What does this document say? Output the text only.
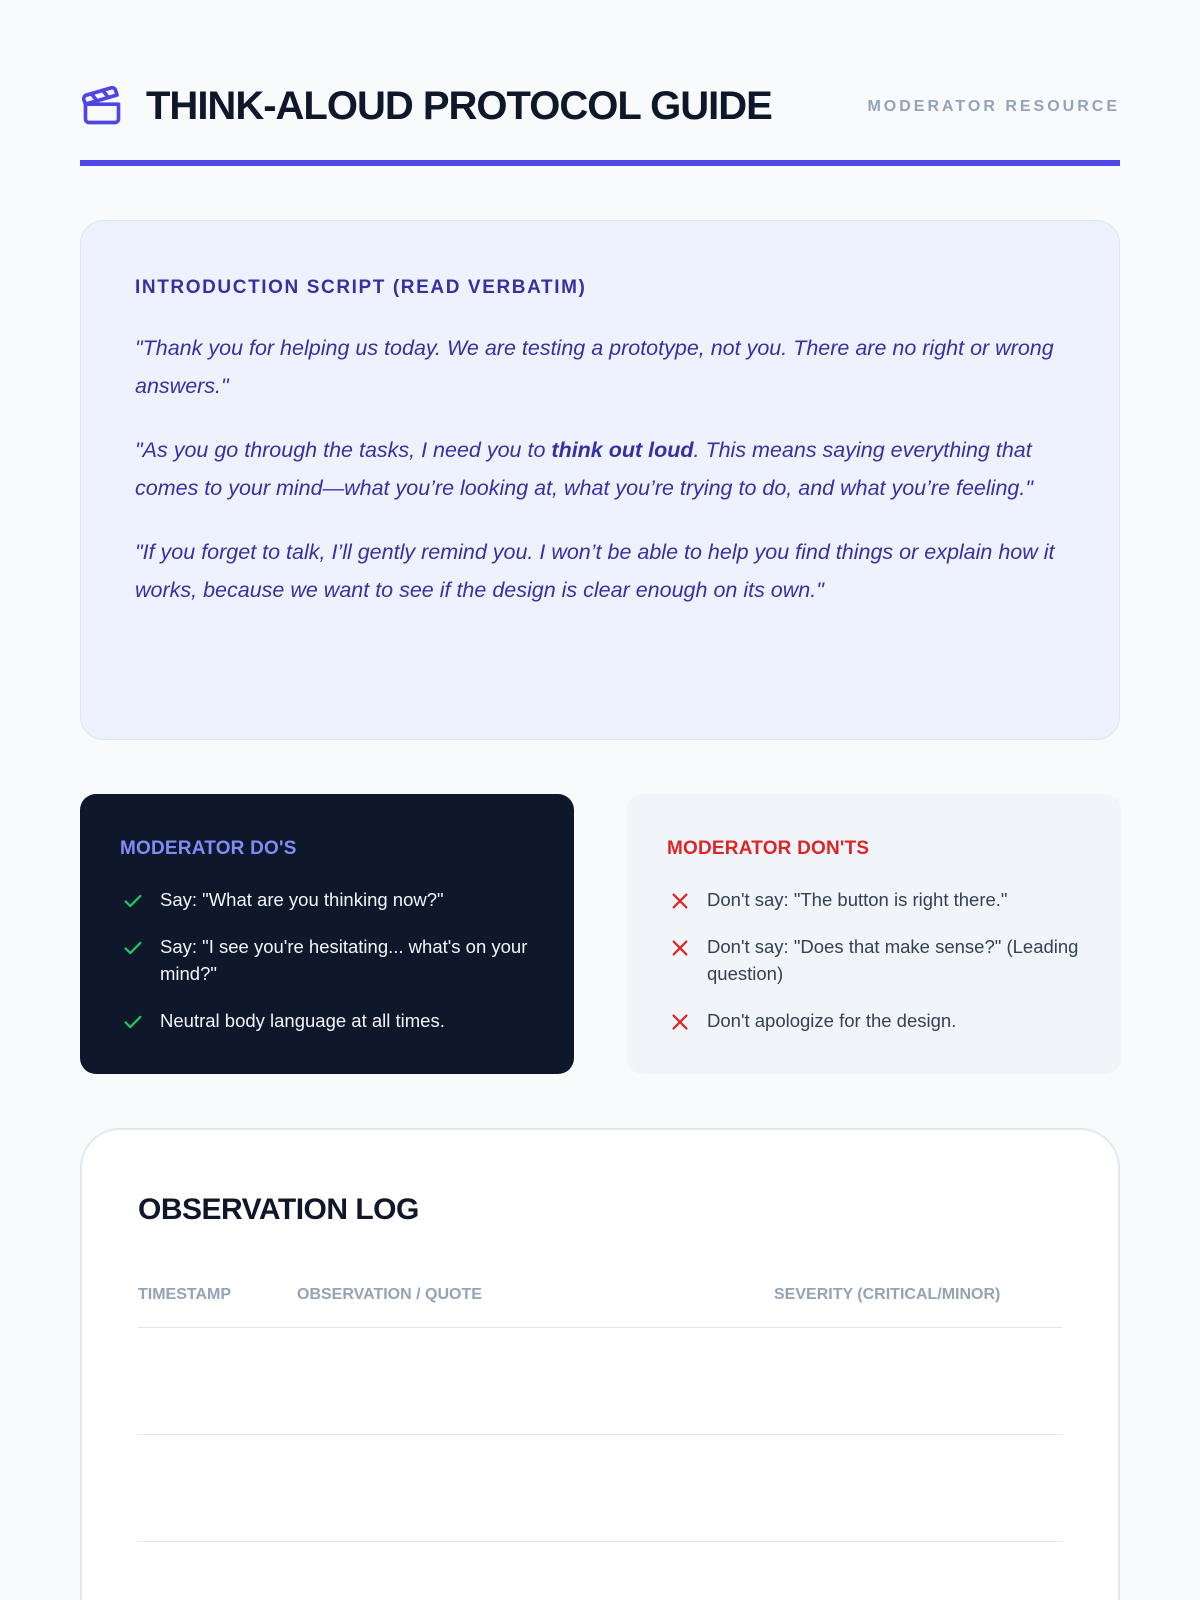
THINK-ALOUD PROTOCOL GUIDE	MODERATOR RESOURCE
INTRODUCTION SCRIPT (READ VERBATIM)

"Thank you for helping us today. We are testing a prototype, not you. There are no right or wrong answers."

"As you go through the tasks, I need you to think out loud. This means saying everything that comes to your mind—what you’re looking at, what you’re trying to do, and what you’re feeling."

"If you forget to talk, I’ll gently remind you. I won’t be able to help you find things or explain how it works, because we want to see if the design is clear enough on its own."

MODERATOR DO'S
Say: "What are you thinking now?"
Say: "I see you're hesitating... what's on your mind?"
Neutral body language at all times.
MODERATOR DON'TS
Don't say: "The button is right there."
Don't say: "Does that make sense?" (Leading question)
Don't apologize for the design.
OBSERVATION LOG
TIMESTAMP	OBSERVATION / QUOTE	SEVERITY (CRITICAL/MINOR)
